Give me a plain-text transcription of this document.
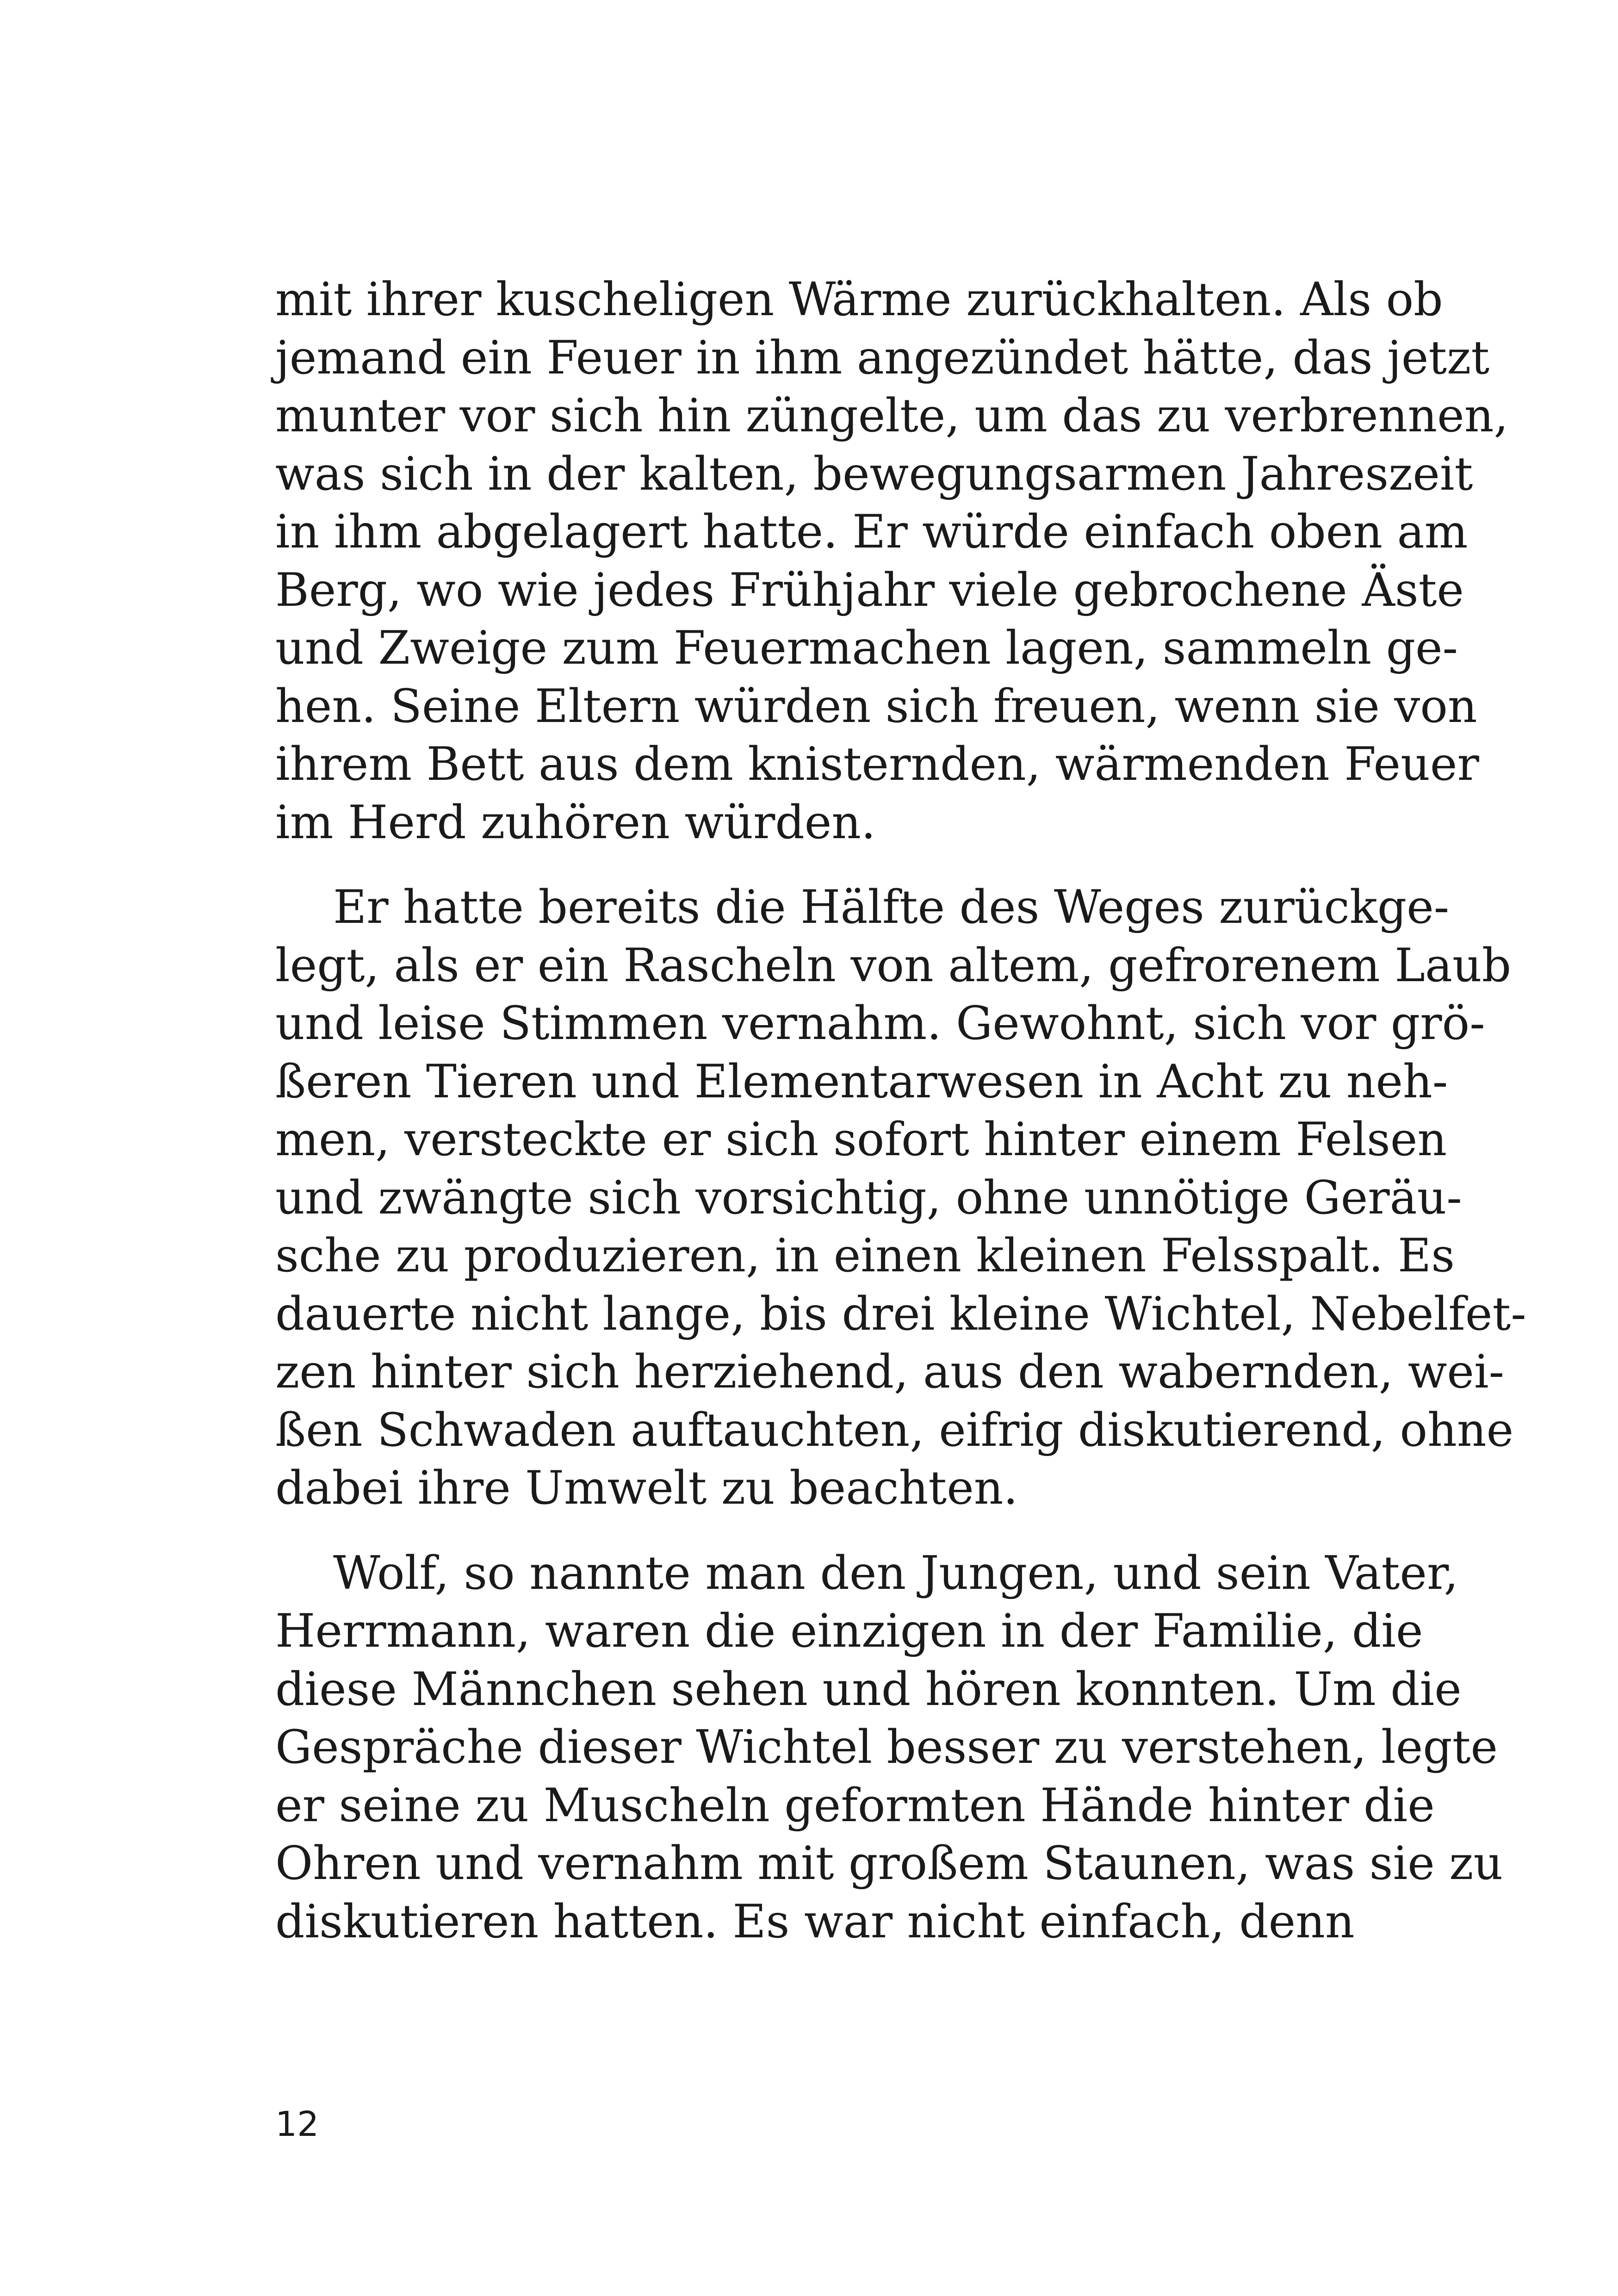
mit ihrer kuscheligen Wärme zurückhalten. Als ob
jemand ein Feuer in ihm angezündet hätte, das jetzt
munter vor sich hin züngelte, um das zu verbrennen,
was sich in der kalten, bewegungsarmen Jahreszeit
in ihm abgelagert hatte. Er würde einfach oben am
Berg, wo wie jedes Frühjahr viele gebrochene Äste
und Zweige zum Feuermachen lagen, sammeln ge-
hen. Seine Eltern würden sich freuen, wenn sie von
ihrem Bett aus dem knisternden, wärmenden Feuer
im Herd zuhören würden.
Er hatte bereits die Hälfte des Weges zurückge-
legt, als er ein Rascheln von altem, gefrorenem Laub
und leise Stimmen vernahm. Gewohnt, sich vor grö-
ßeren Tieren und Elementarwesen in Acht zu neh-
men, versteckte er sich sofort hinter einem Felsen
und zwängte sich vorsichtig, ohne unnötige Geräu-
sche zu produzieren, in einen kleinen Felsspalt. Es
dauerte nicht lange, bis drei kleine Wichtel, Nebelfet-
zen hinter sich herziehend, aus den wabernden, wei-
ßen Schwaden auftauchten, eifrig diskutierend, ohne
dabei ihre Umwelt zu beachten.
Wolf, so nannte man den Jungen, und sein Vater,
Herrmann, waren die einzigen in der Familie, die
diese Männchen sehen und hören konnten. Um die
Gespräche dieser Wichtel besser zu verstehen, legte
er seine zu Muscheln geformten Hände hinter die
Ohren und vernahm mit großem Staunen, was sie zu
diskutieren hatten. Es war nicht einfach, denn
12
